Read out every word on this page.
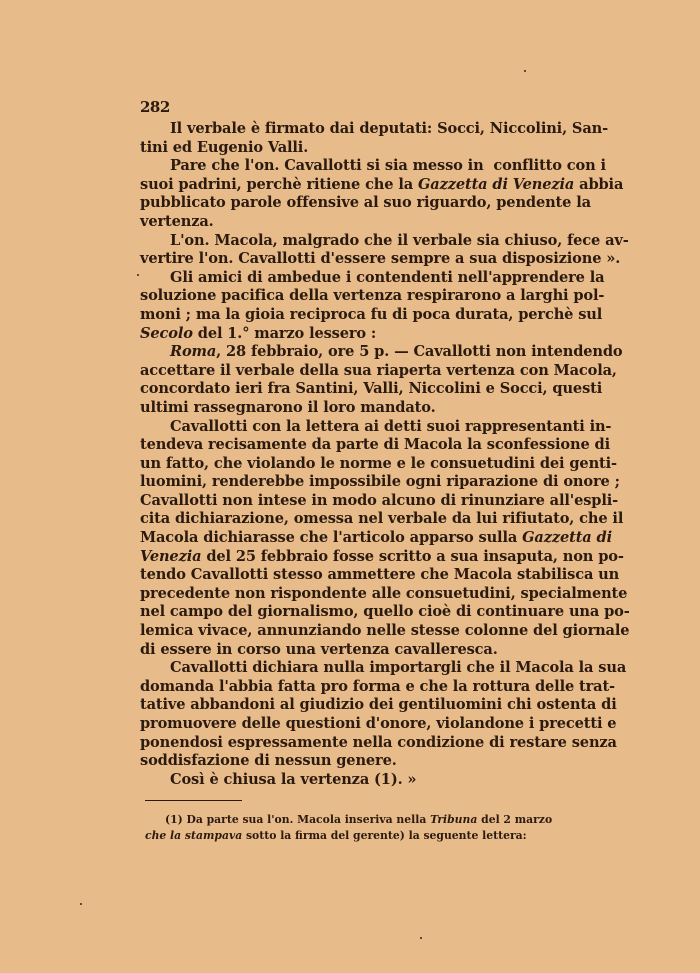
282
Il verbale è firmato dai deputati: Socci, Niccolini, San-
tini ed Eugenio Valli.
Pare che l'on. Cavallotti si sia messo in  conflitto con i
suoi padrini, perchè ritiene che la Gazzetta di Venezia abbia
pubblicato parole offensive al suo riguardo, pendente la
vertenza.
L'on. Macola, malgrado che il verbale sia chiuso, fece av-
vertire l'on. Cavallotti d'essere sempre a sua disposizione ».
Gli amici di ambedue i contendenti nell'apprendere la
soluzione pacifica della vertenza respirarono a larghi pol-
moni ; ma la gioia reciproca fu di poca durata, perchè sul
Secolo del 1.° marzo lessero :
Roma, 28 febbraio, ore 5 p. — Cavallotti non intendendo
accettare il verbale della sua riaperta vertenza con Macola,
concordato ieri fra Santini, Valli, Niccolini e Socci, questi
ultimi rassegnarono il loro mandato.
Cavallotti con la lettera ai detti suoi rappresentanti in-
tendeva recisamente da parte di Macola la sconfessione di
un fatto, che violando le norme e le consuetudini dei genti-
luomini, renderebbe impossibile ogni riparazione di onore ;
Cavallotti non intese in modo alcuno di rinunziare all'espli-
cita dichiarazione, omessa nel verbale da lui rifiutato, che il
Macola dichiarasse che l'articolo apparso sulla Gazzetta di
Venezia del 25 febbraio fosse scritto a sua insaputa, non po-
tendo Cavallotti stesso ammettere che Macola stabilisca un
precedente non rispondente alle consuetudini, specialmente
nel campo del giornalismo, quello cioè di continuare una po-
lemica vivace, annunziando nelle stesse colonne del giornale
di essere in corso una vertenza cavalleresca.
Cavallotti dichiara nulla importargli che il Macola la sua
domanda l'abbia fatta pro forma e che la rottura delle trat-
tative abbandoni al giudizio dei gentiluomini chi ostenta di
promuovere delle questioni d'onore, violandone i precetti e
ponendosi espressamente nella condizione di restare senza
soddisfazione di nessun genere.
Così è chiusa la vertenza (1). »
(1) Da parte sua l'on. Macola inseriva nella Tribuna del 2 marzo
che la stampava sotto la firma del gerente) la seguente lettera:
